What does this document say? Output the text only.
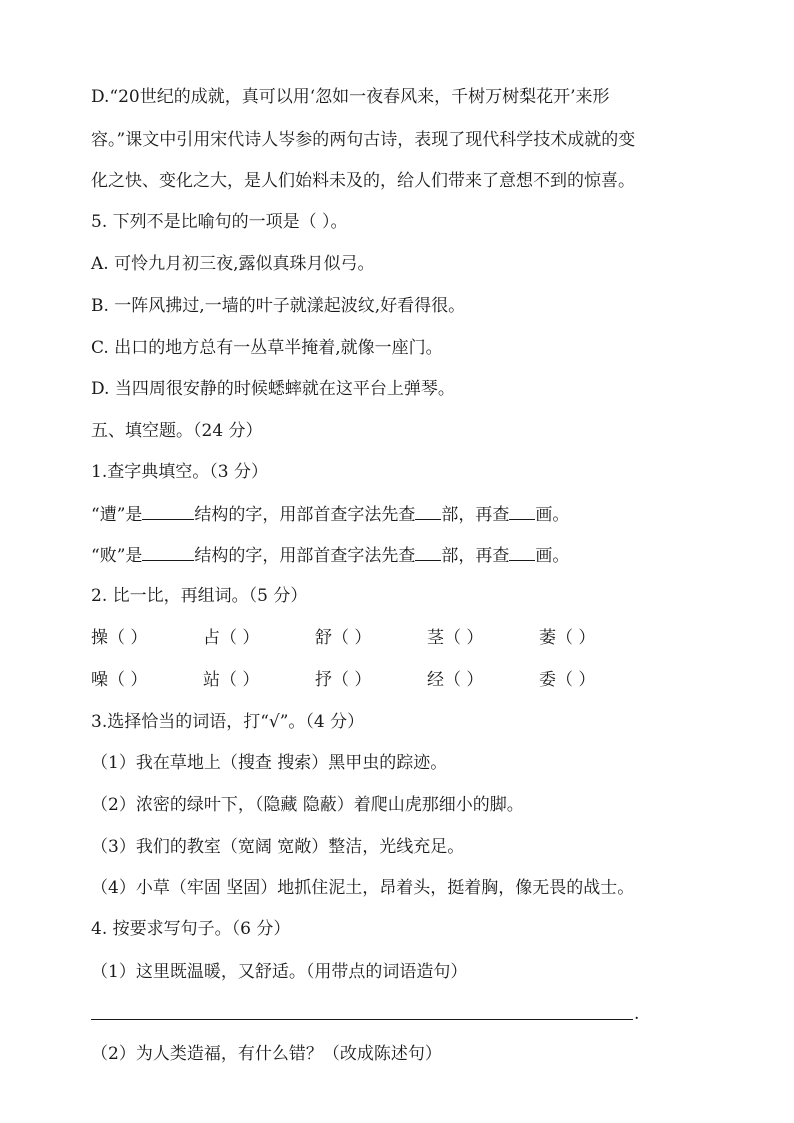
D.“20世纪的成就，真可以用‘忽如一夜春风来，千树万树梨花开’来形
容。”课文中引用宋代诗人岑参的两句古诗，表现了现代科学技术成就的变
化之快、变化之大，是人们始料未及的，给人们带来了意想不到的惊喜。
5. 下列不是比喻句的一项是（ ）。
A. 可怜九月初三夜,露似真珠月似弓。
B. 一阵风拂过,一墙的叶子就漾起波纹,好看得很。
C. 出口的地方总有一丛草半掩着,就像一座门。
D. 当四周很安静的时候蟋蟀就在这平台上弹琴。
五、填空题。（24 分）
1.查字典填空。（3 分）
“遭”是	结构的字，用部首查字法先查 部，再查 画。
“败”是	结构的字，用部首查字法先查 部，再查 画。
2. 比一比，再组词。（5 分）
操（ ）	占（ ）	舒（ ）	茎（ ）	萎（ ）
噪（ ）	站（ ）	抒（ ）	经（ ）	委（ ）
3.选择恰当的词语，打“√”。（4 分）
（1）我在草地上（搜查 搜索）黑甲虫的踪迹。
（2）浓密的绿叶下，（隐藏 隐蔽）着爬山虎那细小的脚。
（3）我们的教室（宽阔 宽敞）整洁，光线充足。
（4）小草（牢固 坚固）地抓住泥土，昂着头，挺着胸，像无畏的战士。
4. 按要求写句子。（6 分）
（1）这里既温暖，又舒适。（用带点的词语造句）
.
（2）为人类造福，有什么错？（改成陈述句）
